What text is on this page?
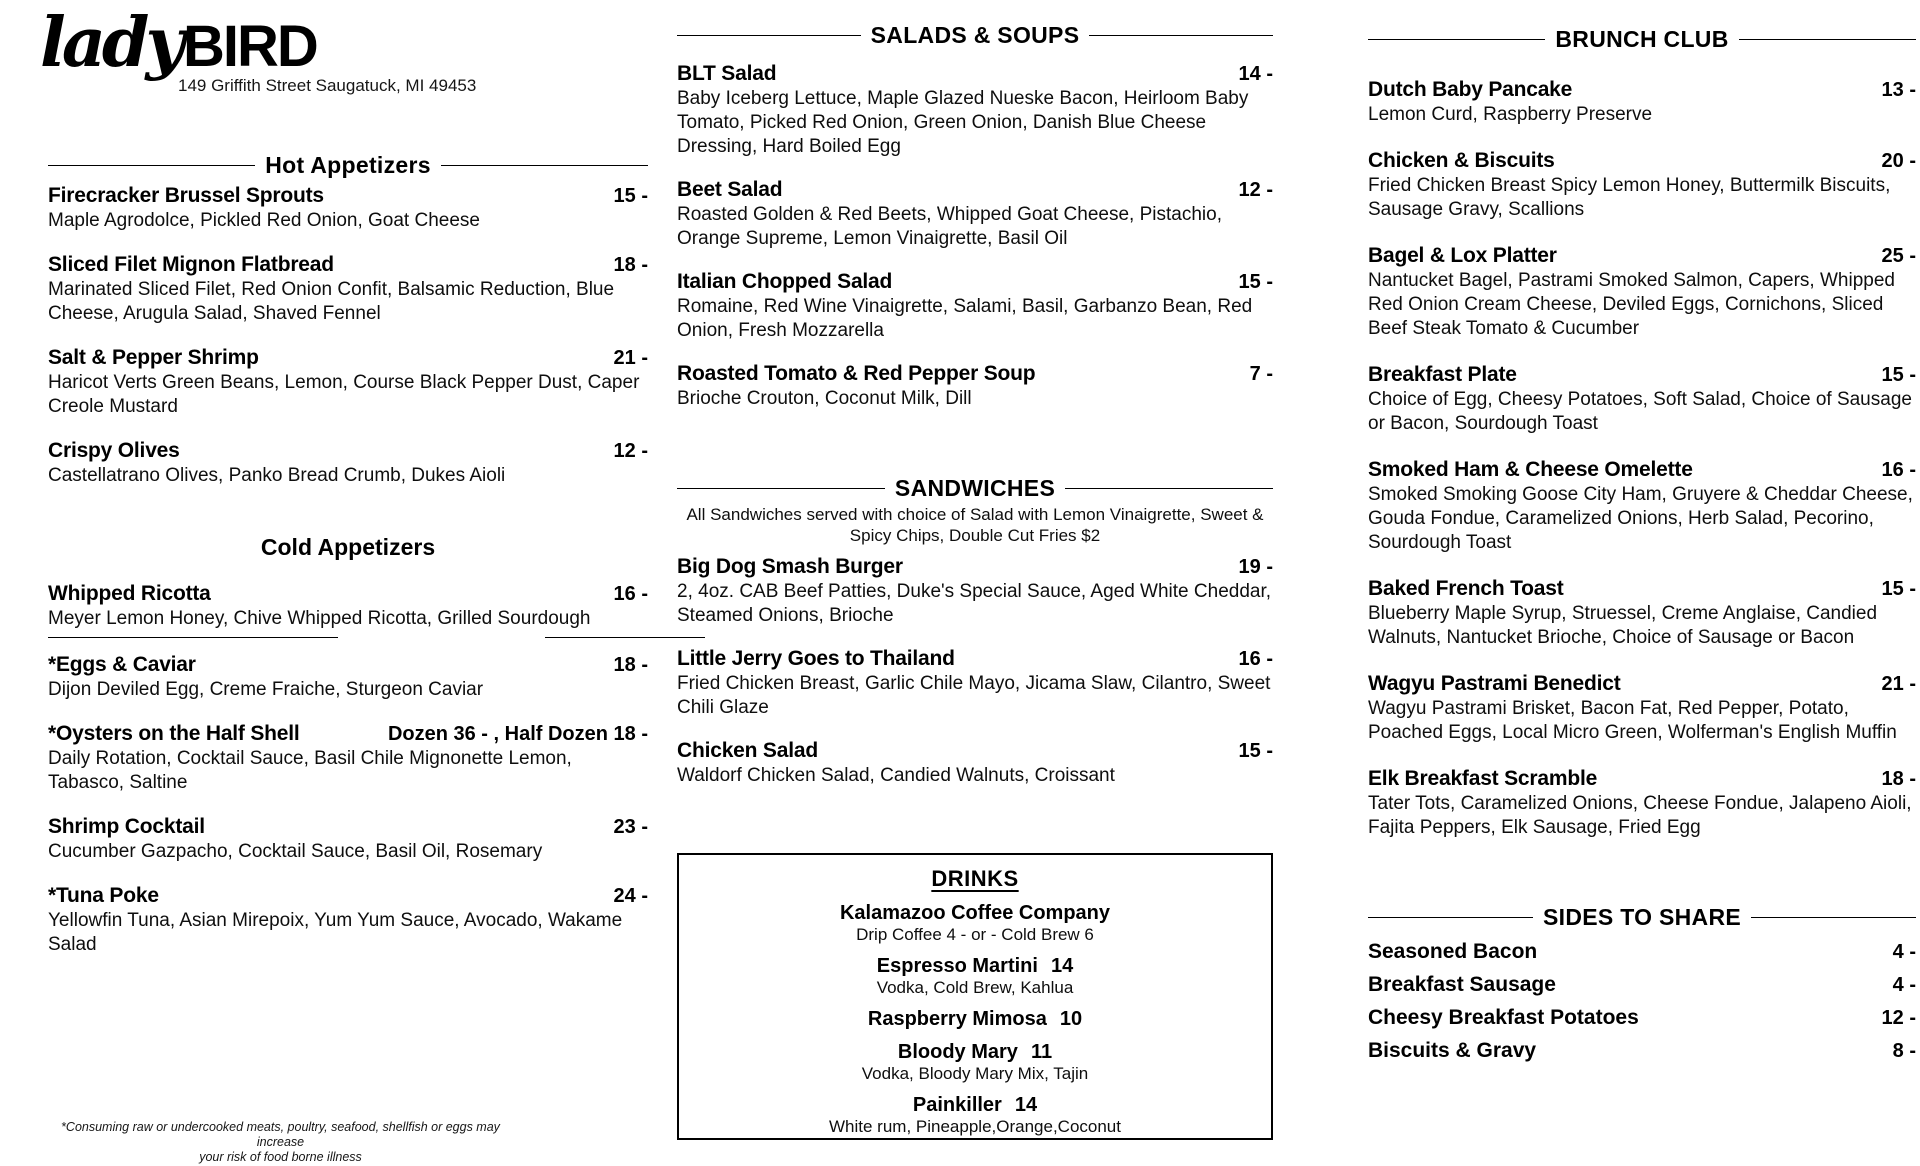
lady BIRD
149 Griffith Street Saugatuck, MI 49453
Hot Appetizers
Firecracker Brussel Sprouts	15 -
Maple Agrodolce, Pickled Red Onion, Goat Cheese
Sliced Filet Mignon Flatbread	18 -
Marinated Sliced Filet, Red Onion Confit, Balsamic Reduction, Blue Cheese, Arugula Salad, Shaved Fennel
Salt & Pepper Shrimp	21 -
Haricot Verts Green Beans, Lemon, Course Black Pepper Dust, Caper Creole Mustard
Crispy Olives	12 -
Castellatrano Olives, Panko Bread Crumb, Dukes Aioli
Cold Appetizers
Whipped Ricotta	16 -
Meyer Lemon Honey, Chive Whipped Ricotta, Grilled Sourdough
*Eggs & Caviar	18 -
Dijon Deviled Egg, Creme Fraiche, Sturgeon Caviar
*Oysters on the Half Shell	Dozen 36 - , Half Dozen 18 -
Daily Rotation, Cocktail Sauce, Basil Chile Mignonette Lemon, Tabasco, Saltine
Shrimp Cocktail	23 -
Cucumber Gazpacho, Cocktail Sauce, Basil Oil, Rosemary
*Tuna Poke	24 -
Yellowfin Tuna, Asian Mirepoix, Yum Yum Sauce, Avocado, Wakame Salad
SALADS & SOUPS
BLT Salad	14 -
Baby Iceberg Lettuce, Maple Glazed Nueske Bacon, Heirloom Baby Tomato, Picked Red Onion, Green Onion, Danish Blue Cheese Dressing, Hard Boiled Egg
Beet Salad	12 -
Roasted Golden & Red Beets, Whipped Goat Cheese, Pistachio, Orange Supreme, Lemon Vinaigrette, Basil Oil
Italian Chopped Salad	15 -
Romaine, Red Wine Vinaigrette, Salami, Basil, Garbanzo Bean, Red Onion, Fresh Mozzarella
Roasted Tomato & Red Pepper Soup	7 -
Brioche Crouton, Coconut Milk, Dill
SANDWICHES
All Sandwiches served with choice of Salad with Lemon Vinaigrette, Sweet & Spicy Chips, Double Cut Fries $2
Big Dog Smash Burger	19 -
2, 4oz. CAB Beef Patties, Duke's Special Sauce, Aged White Cheddar, Steamed Onions, Brioche
Little Jerry Goes to Thailand	16 -
Fried Chicken Breast, Garlic Chile Mayo, Jicama Slaw, Cilantro, Sweet Chili Glaze
Chicken Salad	15 -
Waldorf Chicken Salad, Candied Walnuts, Croissant
DRINKS
Kalamazoo Coffee Company
Drip Coffee 4 - or - Cold Brew 6
Espresso Martini 14
Vodka, Cold Brew, Kahlua
Raspberry Mimosa 10
Bloody Mary 11
Vodka, Bloody Mary Mix, Tajin
Painkiller 14
White rum, Pineapple,Orange,Coconut
BRUNCH CLUB
Dutch Baby Pancake	13 -
Lemon Curd, Raspberry Preserve
Chicken & Biscuits	20 -
Fried Chicken Breast Spicy Lemon Honey, Buttermilk Biscuits, Sausage Gravy, Scallions
Bagel & Lox Platter	25 -
Nantucket Bagel, Pastrami Smoked Salmon, Capers, Whipped Red Onion Cream Cheese, Deviled Eggs, Cornichons, Sliced Beef Steak Tomato & Cucumber
Breakfast Plate	15 -
Choice of Egg, Cheesy Potatoes, Soft Salad, Choice of Sausage or Bacon, Sourdough Toast
Smoked Ham & Cheese Omelette	16 -
Smoked Smoking Goose City Ham, Gruyere & Cheddar Cheese, Gouda Fondue, Caramelized Onions, Herb Salad, Pecorino, Sourdough Toast
Baked French Toast	15 -
Blueberry Maple Syrup, Struessel, Creme Anglaise, Candied Walnuts, Nantucket Brioche, Choice of Sausage or Bacon
Wagyu Pastrami Benedict	21 -
Wagyu Pastrami Brisket, Bacon Fat, Red Pepper, Potato, Poached Eggs, Local Micro Green, Wolferman's English Muffin
Elk Breakfast Scramble	18 -
Tater Tots, Caramelized Onions, Cheese Fondue, Jalapeno Aioli, Fajita Peppers, Elk Sausage, Fried Egg
SIDES TO SHARE
Seasoned Bacon	4 -
Breakfast Sausage	4 -
Cheesy Breakfast Potatoes	12 -
Biscuits & Gravy	8 -
*Consuming raw or undercooked meats, poultry, seafood, shellfish or eggs may increase
your risk of food borne illness
